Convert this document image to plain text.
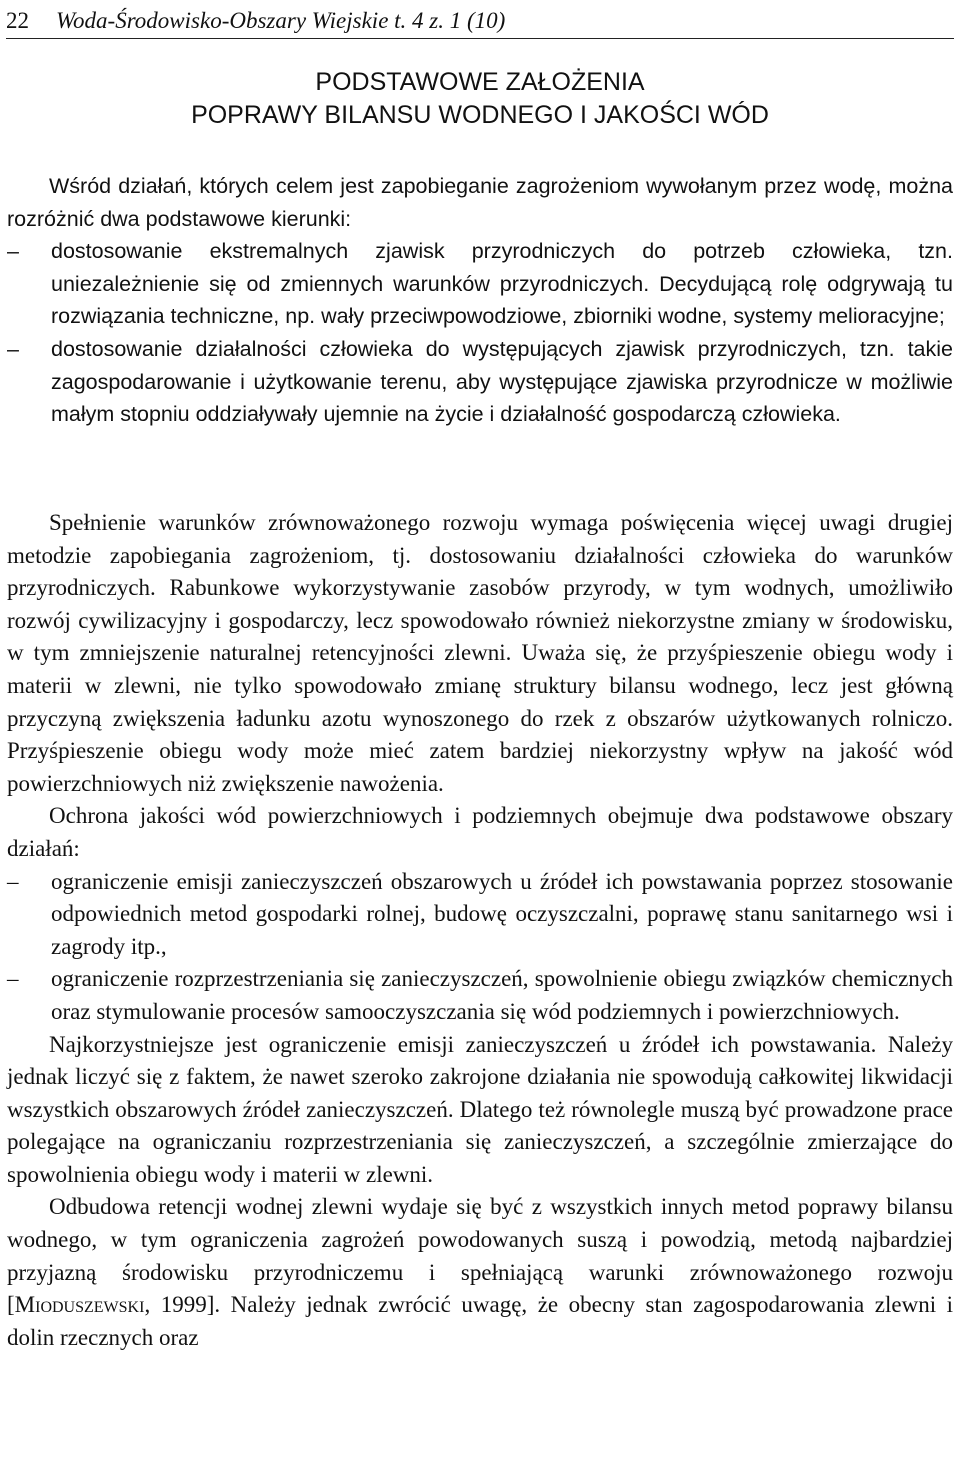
22 Woda-Środowisko-Obszary Wiejskie t. 4 z. 1 (10)
PODSTAWOWE ZAŁOŻENIA
POPRAWY BILANSU WODNEGO I JAKOŚCI WÓD

Wśród działań, których celem jest zapobieganie zagrożeniom wywołanym przez wodę, można rozróżnić dwa podstawowe kierunki:

– dostosowanie ekstremalnych zjawisk przyrodniczych do potrzeb człowieka, tzn. uniezależnienie się od zmiennych warunków przyrodniczych. Decydującą rolę odgrywają tu rozwiązania techniczne, np. wały przeciwpowodziowe, zbiorniki wodne, systemy melioracyjne;

– dostosowanie działalności człowieka do występujących zjawisk przyrodniczych, tzn. takie zagospodarowanie i użytkowanie terenu, aby występujące zjawiska przyrodnicze w możliwie małym stopniu oddziaływały ujemnie na życie i działalność gospodarczą człowieka.

Spełnienie warunków zrównoważonego rozwoju wymaga poświęcenia więcej uwagi drugiej metodzie zapobiegania zagrożeniom, tj. dostosowaniu działalności człowieka do warunków przyrodniczych. Rabunkowe wykorzystywanie zasobów przyrody, w tym wodnych, umożliwiło rozwój cywilizacyjny i gospodarczy, lecz spowodowało również niekorzystne zmiany w środowisku, w tym zmniejszenie naturalnej retencyjności zlewni. Uważa się, że przyśpieszenie obiegu wody i materii w zlewni, nie tylko spowodowało zmianę struktury bilansu wodnego, lecz jest główną przyczyną zwiększenia ładunku azotu wynoszonego do rzek z obszarów użytkowanych rolniczo. Przyśpieszenie obiegu wody może mieć zatem bardziej niekorzystny wpływ na jakość wód powierzchniowych niż zwiększenie nawożenia.

Ochrona jakości wód powierzchniowych i podziemnych obejmuje dwa podstawowe obszary działań:

– ograniczenie emisji zanieczyszczeń obszarowych u źródeł ich powstawania poprzez stosowanie odpowiednich metod gospodarki rolnej, budowę oczyszczalni, poprawę stanu sanitarnego wsi i zagrody itp.,

– ograniczenie rozprzestrzeniania się zanieczyszczeń, spowolnienie obiegu związków chemicznych oraz stymulowanie procesów samooczyszczania się wód podziemnych i powierzchniowych.

Najkorzystniejsze jest ograniczenie emisji zanieczyszczeń u źródeł ich powstawania. Należy jednak liczyć się z faktem, że nawet szeroko zakrojone działania nie spowodują całkowitej likwidacji wszystkich obszarowych źródeł zanieczyszczeń. Dlatego też równolegle muszą być prowadzone prace polegające na ograniczaniu rozprzestrzeniania się zanieczyszczeń, a szczególnie zmierzające do spowolnienia obiegu wody i materii w zlewni.

Odbudowa retencji wodnej zlewni wydaje się być z wszystkich innych metod poprawy bilansu wodnego, w tym ograniczenia zagrożeń powodowanych suszą i powodzią, metodą najbardziej przyjazną środowisku przyrodniczemu i spełniającą warunki zrównoważonego rozwoju [Mioduszewski, 1999]. Należy jednak zwrócić uwagę, że obecny stan zagospodarowania zlewni i dolin rzecznych oraz
